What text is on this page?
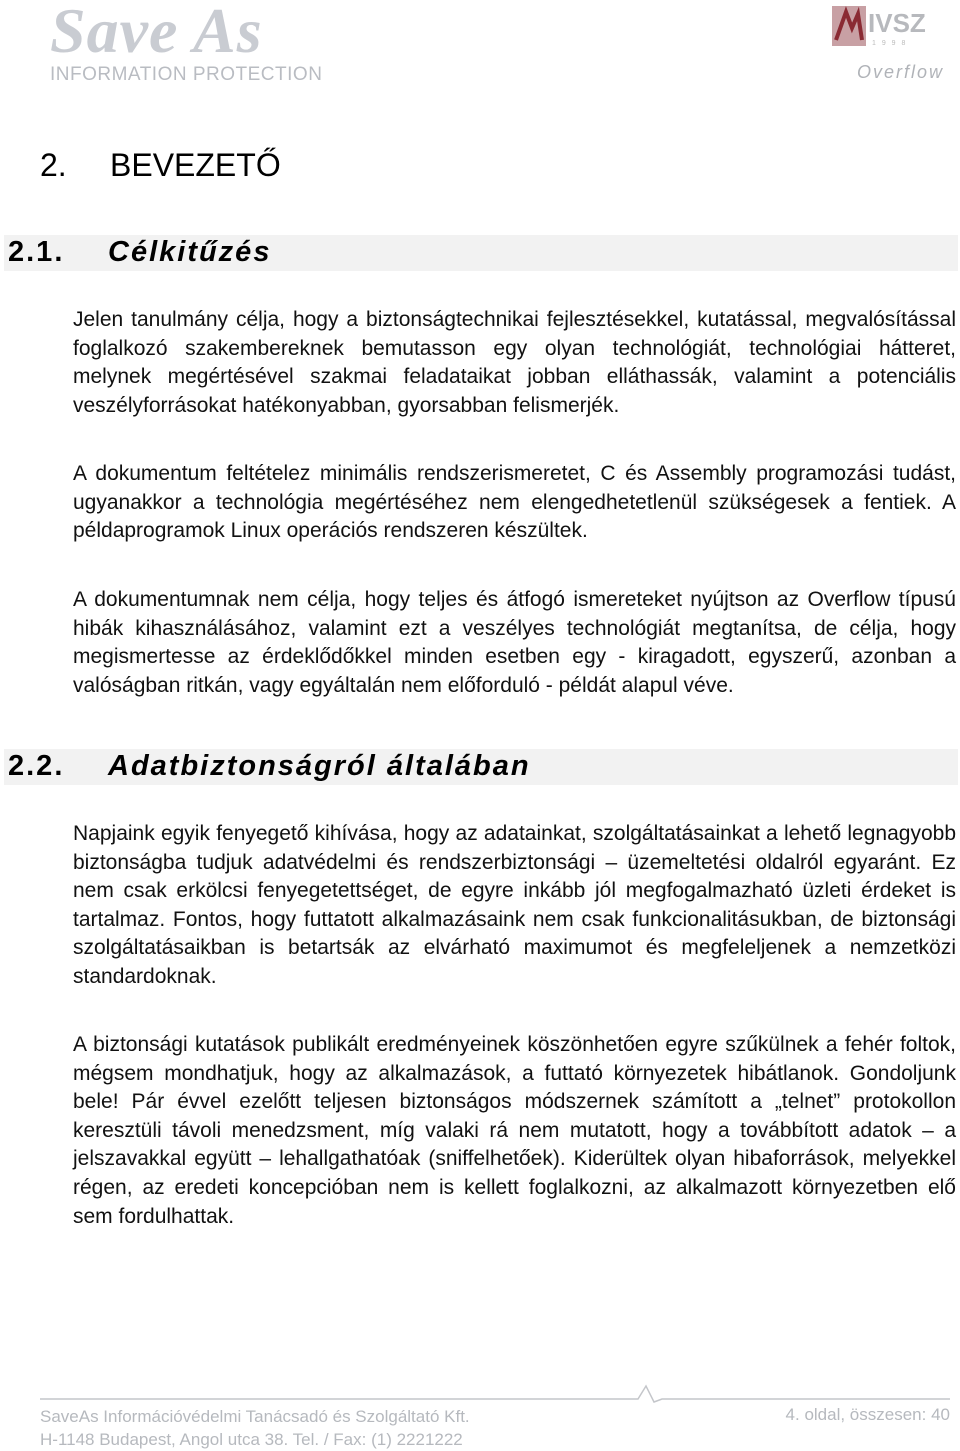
Save As
INFORMATION PROTECTION
IVSZ
1 9 9 8
Overflow
2. BEVEZETŐ
2.1. Célkitűzés

Jelen tanulmány célja, hogy a biztonságtechnikai fejlesztésekkel, kutatással, megvalósítással foglalkozó szakembereknek bemutasson egy olyan technológiát, technológiai hátteret, melynek megértésével szakmai feladataikat jobban elláthassák, valamint a potenciális veszélyforrásokat hatékonyabban, gyorsabban felismerjék.

A dokumentum feltételez minimális rendszerismeretet, C és Assembly programozási tudást, ugyanakkor a technológia megértéséhez nem elengedhetetlenül szükségesek a fentiek. A példaprogramok Linux operációs rendszeren készültek.

A dokumentumnak nem célja, hogy teljes és átfogó ismereteket nyújtson az Overflow típusú hibák kihasználásához, valamint ezt a veszélyes technológiát megtanítsa, de célja, hogy megismertesse az érdeklődőkkel minden esetben egy - kiragadott, egyszerű, azonban a valóságban ritkán, vagy egyáltalán nem előforduló - példát alapul véve.

2.2. Adatbiztonságról általában

Napjaink egyik fenyegető kihívása, hogy az adatainkat, szolgáltatásainkat a lehető legnagyobb biztonságba tudjuk adatvédelmi és rendszerbiztonsági – üzemeltetési oldalról egyaránt. Ez nem csak erkölcsi fenyegetettséget, de egyre inkább jól megfogalmazható üzleti érdeket is tartalmaz. Fontos, hogy futtatott alkalmazásaink nem csak funkcionalitásukban, de biztonsági szolgáltatásaikban is betartsák az elvárható maximumot és megfeleljenek a nemzetközi standardoknak.

A biztonsági kutatások publikált eredményeinek köszönhetően egyre szűkülnek a fehér foltok, mégsem mondhatjuk, hogy az alkalmazások, a futtató környezetek hibátlanok. Gondoljunk bele! Pár évvel ezelőtt teljesen biztonságos módszernek számított a „telnet” protokollon keresztüli távoli menedzsment, míg valaki rá nem mutatott, hogy a továbbított adatok – a jelszavakkal együtt – lehallgathatóak (sniffelhetőek). Kiderültek olyan hibaforrások, melyekkel régen, az eredeti koncepcióban nem is kellett foglalkozni, az alkalmazott környezetben elő sem fordulhattak.

SaveAs Információvédelmi Tanácsadó és Szolgáltató Kft.
H-1148 Budapest, Angol utca 38. Tel. / Fax: (1) 2221222
4. oldal, összesen: 40
